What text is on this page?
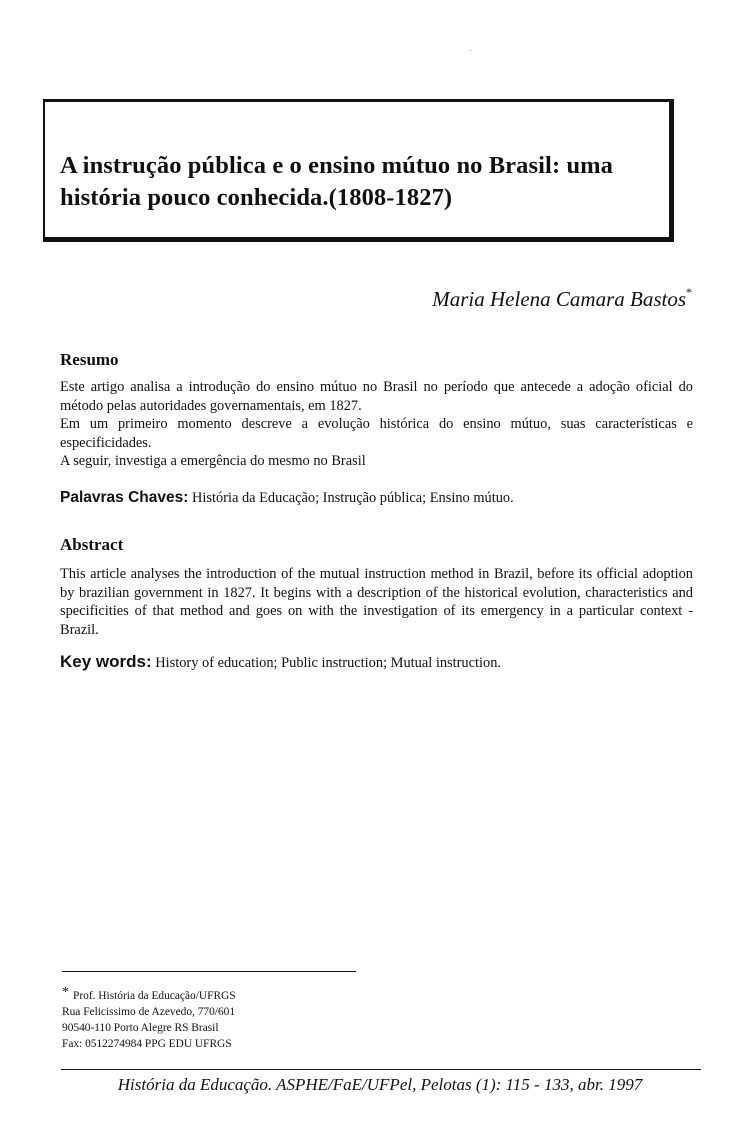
A instrução pública e o ensino mútuo no Brasil: uma história pouco conhecida.(1808-1827)
Maria Helena Camara Bastos*
Resumo

Este artigo analisa a introdução do ensino mútuo no Brasil no período que antecede a adoção oficial do método pelas autoridades governamentais, em 1827.

Em um primeiro momento descreve a evolução histórica do ensino mútuo, suas características e especificidades.

A seguir, investiga a emergência do mesmo no Brasil

Palavras Chaves: História da Educação; Instrução pública; Ensino mútuo.
Abstract

This article analyses the introduction of the mutual instruction method in Brazil, before its official adoption by brazilian government in 1827. It begins with a description of the historical evolution, characteristics and specificities of that method and goes on with the investigation of its emergency in a particular context - Brazil.

Key words: History of education; Public instruction; Mutual instruction.
* Prof. História da Educação/UFRGS
Rua Felicissimo de Azevedo, 770/601
90540-110 Porto Alegre RS Brasil
Fax: 0512274984 PPG EDU UFRGS
História da Educação. ASPHE/FaE/UFPel, Pelotas (1): 115 - 133, abr. 1997
